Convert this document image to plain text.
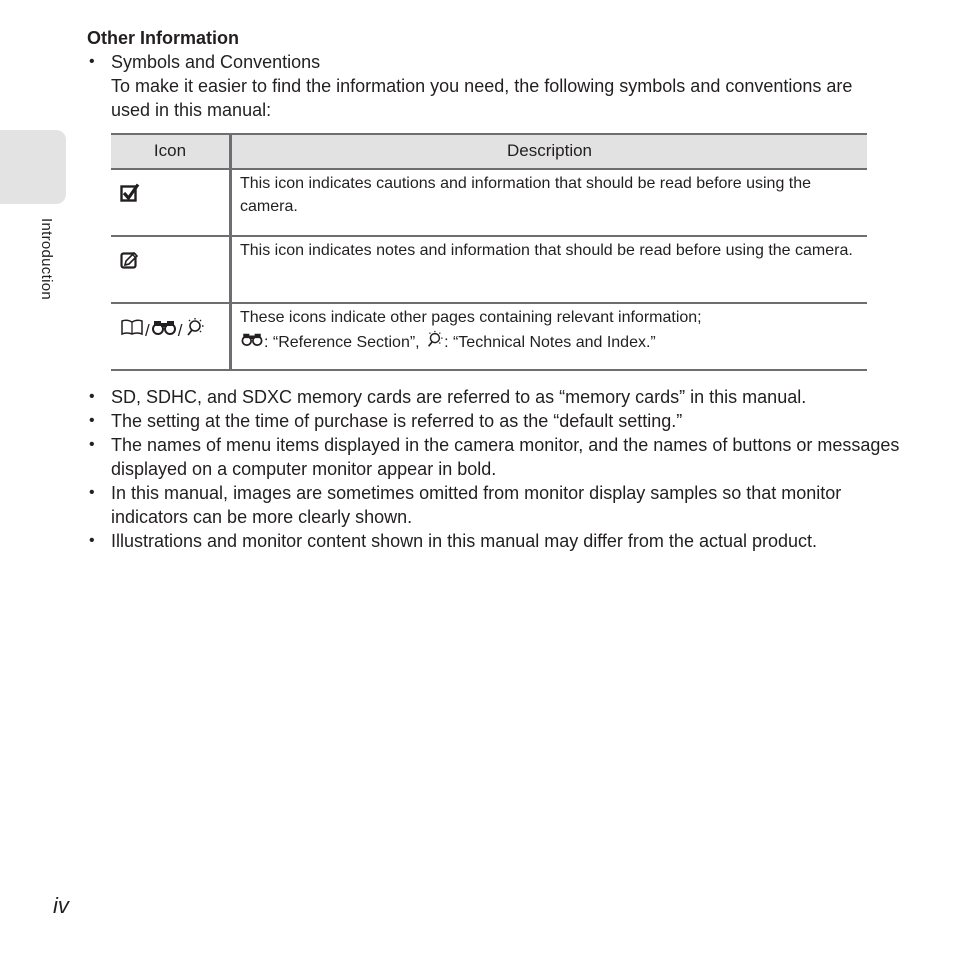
Introduction
Other Information
• Symbols and Conventions
To make it easier to find the information you need, the following symbols and conventions are used in this manual:
Icon	Description
	This icon indicates cautions and information that should be read before using the camera.
	This icon indicates notes and information that should be read before using the camera.
/ /	These icons indicate other pages containing relevant information;
: “Reference Section”, : “Technical Notes and Index.”
• SD, SDHC, and SDXC memory cards are referred to as “memory cards” in this manual.
• The setting at the time of purchase is referred to as the “default setting.”
• The names of menu items displayed in the camera monitor, and the names of buttons or messages displayed on a computer monitor appear in bold.
• In this manual, images are sometimes omitted from monitor display samples so that monitor indicators can be more clearly shown.
• Illustrations and monitor content shown in this manual may differ from the actual product.
iv
